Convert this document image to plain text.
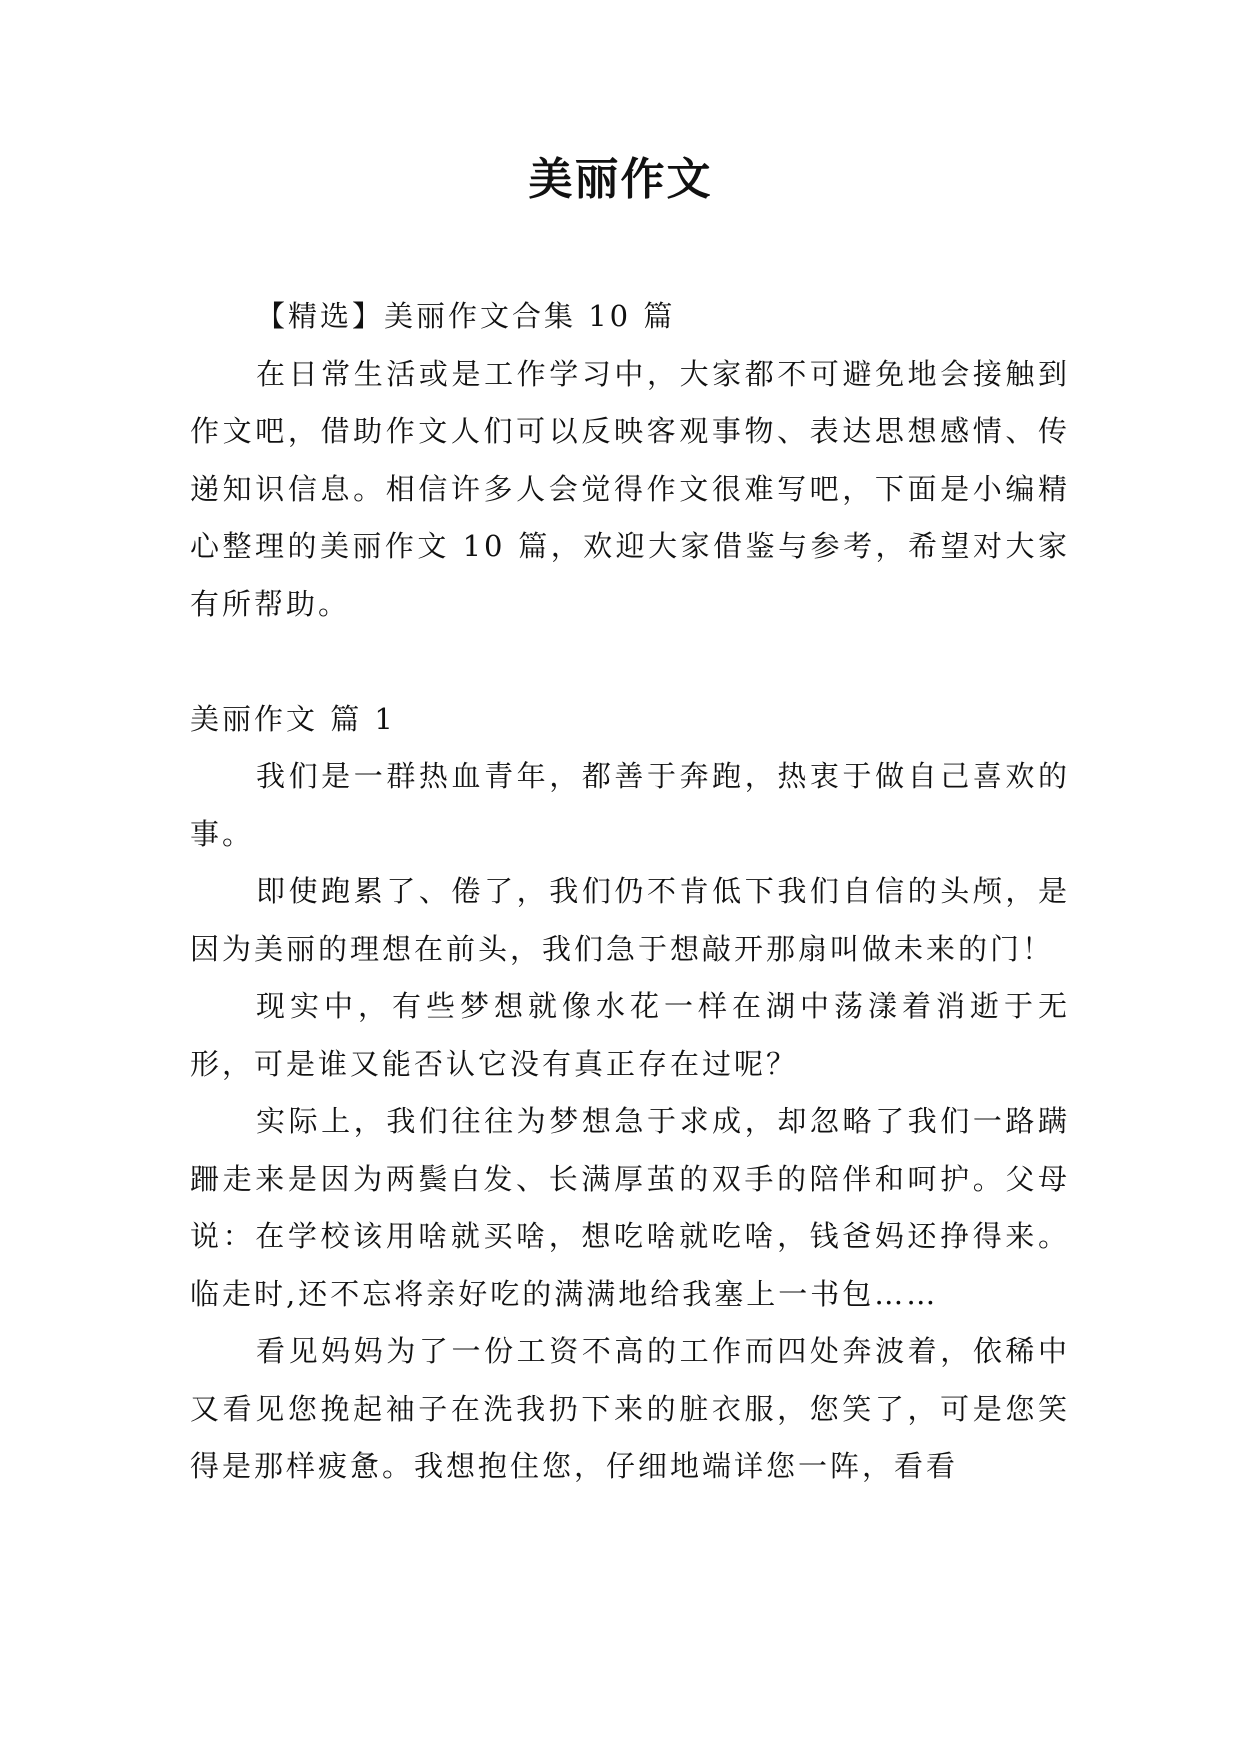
美丽作文

【精选】美丽作文合集 10 篇

在日常生活或是工作学习中，大家都不可避免地会接触到作文吧，借助作文人们可以反映客观事物、表达思想感情、传递知识信息。相信许多人会觉得作文很难写吧，下面是小编精心整理的美丽作文 10 篇，欢迎大家借鉴与参考，希望对大家有所帮助。

美丽作文 篇 1

我们是一群热血青年，都善于奔跑，热衷于做自己喜欢的事。

即使跑累了、倦了，我们仍不肯低下我们自信的头颅，是因为美丽的理想在前头，我们急于想敲开那扇叫做未来的门！

现实中，有些梦想就像水花一样在湖中荡漾着消逝于无形，可是谁又能否认它没有真正存在过呢？

实际上，我们往往为梦想急于求成，却忽略了我们一路蹒跚走来是因为两鬓白发、长满厚茧的双手的陪伴和呵护。父母说：在学校该用啥就买啥，想吃啥就吃啥，钱爸妈还挣得来。临走时,还不忘将亲好吃的满满地给我塞上一书包……

看见妈妈为了一份工资不高的工作而四处奔波着，依稀中又看见您挽起袖子在洗我扔下来的脏衣服，您笑了，可是您笑得是那样疲惫。我想抱住您，仔细地端详您一阵，看看
